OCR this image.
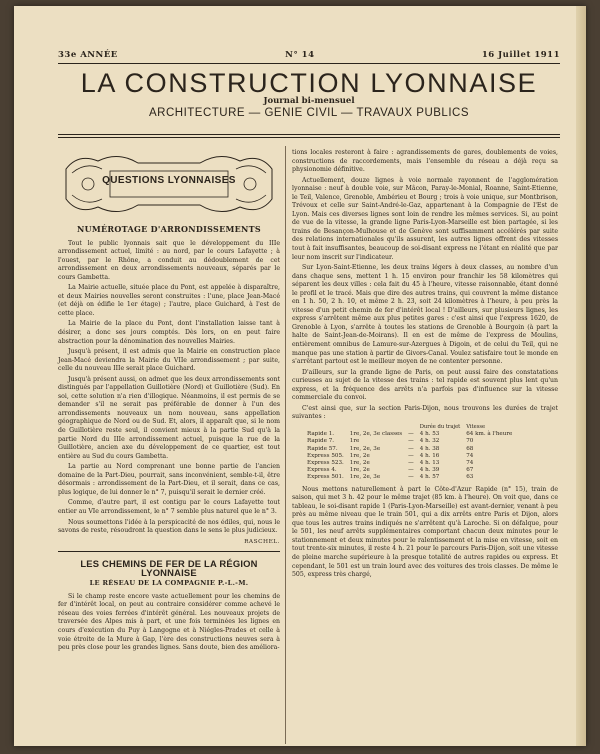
33e ANNÉE	N° 14	16 Juillet 1911
LA CONSTRUCTION LYONNAISE
Journal bi-mensuel
ARCHITECTURE — GENIE CIVIL — TRAVAUX PUBLICS
QUESTIONS LYONNAISES
NUMÉROTAGE D'ARRONDISSEMENTS

Tout le public lyonnais sait que le développement du IIIe arrondissement actuel, limité : au nord, par le cours Lafayette ; à l'ouest, par le Rhône, a conduit au dédoublement de cet arrondissement en deux arrondissements nouveaux, séparés par le cours Gambetta.

La Mairie actuelle, située place du Pont, est appelée à disparaître, et deux Mairies nouvelles seront construites : l'une, place Jean-Macé (et déjà on édifie le 1er étage) ; l'autre, place Guichard, à l'est de cette place.

La Mairie de la place du Pont, dont l'installation laisse tant à désirer, a donc ses jours comptés. Dès lors, on en peut faire abstraction pour la dénomination des nouvelles Mairies.

Jusqu'à présent, il est admis que la Mairie en construction place Jean-Macé deviendra la Mairie du VIIe arrondissement ; par suite, celle du nouveau IIIe serait place Guichard.

Jusqu'à présent aussi, on admet que les deux arrondissements sont distingués par l'appellation Guillotière (Nord) et Guillotière (Sud). En soi, cette solution n'a rien d'illogique. Néanmoins, il est permis de se demander s'il ne serait pas préférable de donner à l'un des arrondissements nouveaux un nom nouveau, sans appellation géographique de Nord ou de Sud. Et, alors, il apparaît que, si le nom de Guillotière reste seul, il convient mieux à la partie Sud qu'à la partie Nord du IIIe arrondissement actuel, puisque la rue de la Guillotière, ancien axe du développement de ce quartier, est tout entière au Sud du cours Gambetta.

La partie au Nord comprenant une bonne partie de l'ancien domaine de la Part-Dieu, pourrait, sans inconvénient, semble-t-il, être désormais : arrondissement de la Part-Dieu, et il serait, dans ce cas, plus logique, de lui donner le n° 7, puisqu'il serait le dernier créé.

Comme, d'autre part, il est contigu par le cours Lafayette tout entier au VIe arrondissement, le n° 7 semble plus naturel que le n° 3.

Nous soumettons l'idée à la perspicacité de nos édiles, qui, nous le savons de reste, résoudront la question dans le sens le plus judicieux.

RASCHEL.
LES CHEMINS DE FER DE LA RÉGION LYONNAISE
LE RÉSEAU DE LA COMPAGNIE P.-L.-M.

Si le champ reste encore vaste actuellement pour les chemins de fer d'intérêt local, on peut au contraire considérer comme achevé le réseau des voies ferrées d'intérêt général. Les nouveaux projets de traversée des Alpes mis à part, et une fois terminées les lignes en cours d'exécution du Puy à Langogne et à Niégles-Prades et celle à voie étroite de la Mure à Gap, l'ère des constructions neuves sera à peu près close pour les grandes lignes. Sans doute, bien des améliora-

tions locales resteront à faire : agrandissements de gares, doublements de voies, constructions de raccordements, mais l'ensemble du réseau a déjà reçu sa physionomie définitive.

Actuellement, douze lignes à voie normale rayonnent de l'agglomération lyonnaise : neuf à double voie, sur Mâcon, Paray-le-Monial, Roanne, Saint-Etienne, le Teil, Valence, Grenoble, Ambérieu et Bourg ; trois à voie unique, sur Montbrison, Trévoux et celle sur Saint-André-le-Gaz, appartenant à la Compagnie de l'Est de Lyon. Mais ces diverses lignes sont loin de rendre les mêmes services. Si, au point de vue de la vitesse, la grande ligne Paris-Lyon-Marseille est bien partagée, si les trains de Besançon-Mulhouse et de Genève sont suffisamment accélérés par suite des relations internationales qu'ils assurent, les autres lignes offrent des vitesses tout à fait insuffisantes, beaucoup de soi-disant express ne l'étant en réalité que par leur nom inscrit sur l'indicateur.

Sur Lyon-Saint-Etienne, les deux trains légers à deux classes, au nombre d'un dans chaque sens, mettent 1 h. 15 environ pour franchir les 58 kilomètres qui séparent les deux villes : cela fait du 45 à l'heure, vitesse raisonnable, étant donné le profil et le tracé. Mais que dire des autres trains, qui couvrent la même distance en 1 h. 50, 2 h. 10, et même 2 h. 23, soit 24 kilomètres à l'heure, à peu près la vitesse d'un petit chemin de fer d'intérêt local ! D'ailleurs, sur plusieurs lignes, les express s'arrêtent même aux plus petites gares : c'est ainsi que l'express 1620, de Grenoble à Lyon, s'arrête à toutes les stations de Grenoble à Bourgoin (à part la halte de Saint-Jean-de-Moirans). Il en est de même de l'express de Moulins, entièrement omnibus de Lamure-sur-Azergues à Digoin, et de celui du Teil, qui ne manque pas une station à partir de Givors-Canal. Voulez satisfaire tout le monde en s'arrêtant partout est le meilleur moyen de ne contenter personne.

D'ailleurs, sur la grande ligne de Paris, on peut aussi faire des constatations curieuses au sujet de la vitesse des trains : tel rapide est souvent plus lent qu'un express, et la fréquence des arrêts n'a parfois pas d'influence sur la vitesse commerciale du convoi.

C'est ainsi que, sur la section Paris-Dijon, nous trouvons les durées de trajet suivantes :

			Durée du trajet	Vitesse	
Rapide 1.	1re, 2e, 3e classes	—	4 h. 53	64 km. à l'heure	
Rapide 7.	1re	—	4 h. 32	70	
Rapide 57.	1re, 2e, 3e	—	4 h. 38	68	
Express 505.	1re, 2e	—	4 h. 16	74	
Express 523.	1re, 2e	—	4 h. 13	74	
Express 4.	1re, 2e	—	4 h. 39	67	
Express 501.	1re, 2e, 3e	—	4 h. 57	63	

Nous mettons naturellement à part le Côte-d'Azur Rapide (n° 15), train de saison, qui met 3 h. 42 pour le même trajet (85 km. à l'heure). On voit que, dans ce tableau, le soi-disant rapide 1 (Paris-Lyon-Marseille) est avant-dernier, venant à peu près au même niveau que le train 501, qui a dix arrêts entre Paris et Dijon, alors que tous les autres trains indiqués ne s'arrêtent qu'à Laroche. Si on défalque, pour le 501, les neuf arrêts supplémentaires comportant chacun deux minutes pour le stationnement et deux minutes pour le ralentissement et la mise en vitesse, soit en tout trente-six minutes, il reste 4 h. 21 pour le parcours Paris-Dijon, soit une vitesse de pleine marche supérieure à la presque totalité de autres rapides ou express. Et cependant, le 501 est un train lourd avec des voitures des trois classes. De même le 505, express très chargé,
